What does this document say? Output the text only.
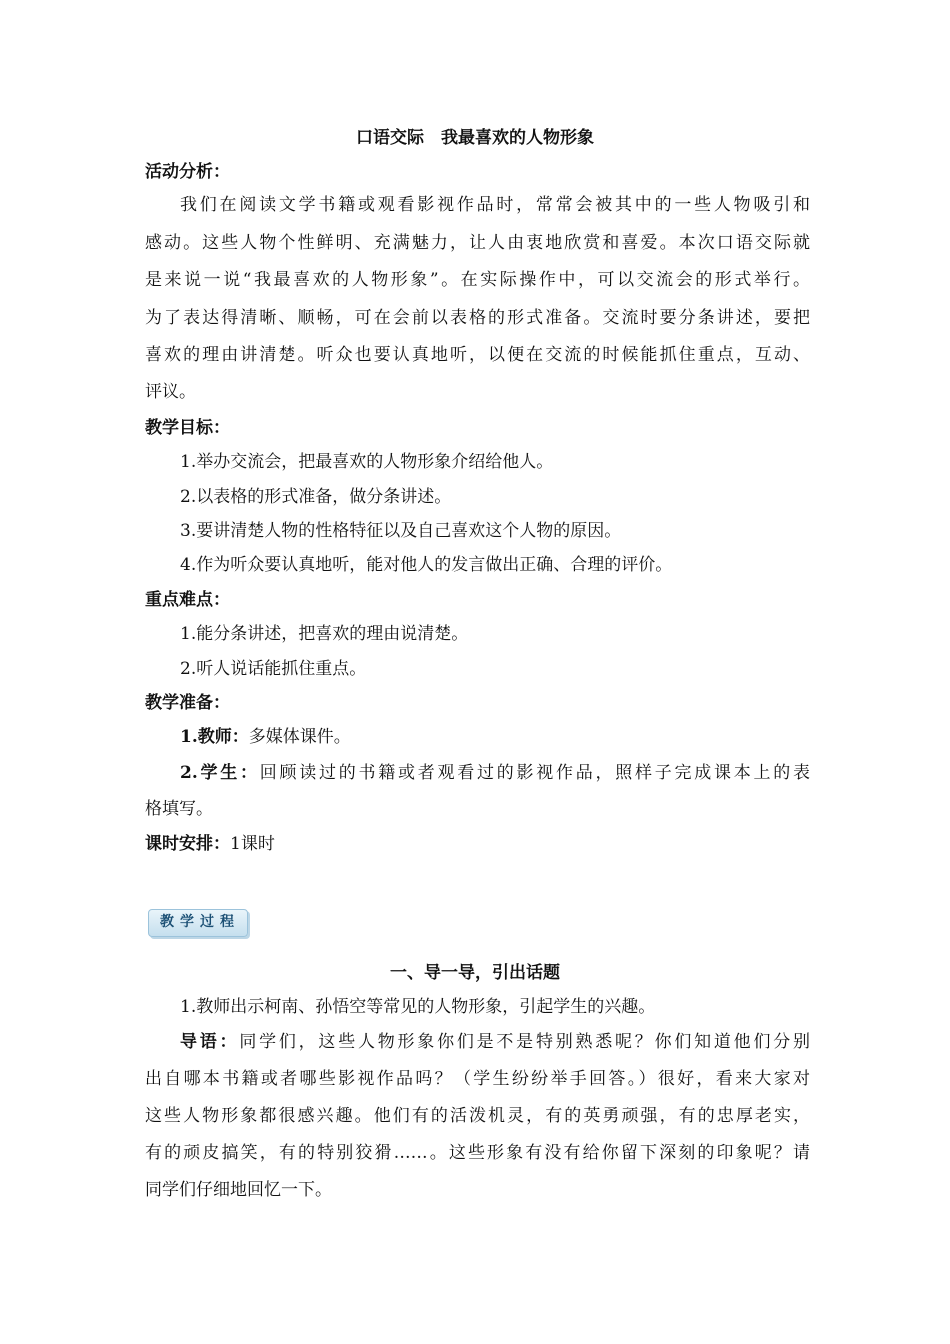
口语交际　我最喜欢的人物形象
活动分析：
我们在阅读文学书籍或观看影视作品时，常常会被其中的一些人物吸引和
感动。这些人物个性鲜明、充满魅力，让人由衷地欣赏和喜爱。本次口语交际就
是来说一说“我最喜欢的人物形象”。在实际操作中，可以交流会的形式举行。
为了表达得清晰、顺畅，可在会前以表格的形式准备。交流时要分条讲述，要把
喜欢的理由讲清楚。听众也要认真地听，以便在交流的时候能抓住重点，互动、
评议。
教学目标：
1.举办交流会，把最喜欢的人物形象介绍给他人。
2.以表格的形式准备，做分条讲述。
3.要讲清楚人物的性格特征以及自己喜欢这个人物的原因。
4.作为听众要认真地听，能对他人的发言做出正确、合理的评价。
重点难点：
1.能分条讲述，把喜欢的理由说清楚。
2.听人说话能抓住重点。
教学准备：
1.教师：多媒体课件。
2.学生：回顾读过的书籍或者观看过的影视作品，照样子完成课本上的表
格填写。
课时安排：1课时
教学过程
一、导一导，引出话题
1.教师出示柯南、孙悟空等常见的人物形象，引起学生的兴趣。
导语：同学们，这些人物形象你们是不是特别熟悉呢？你们知道他们分别
出自哪本书籍或者哪些影视作品吗？（学生纷纷举手回答。）很好，看来大家对
这些人物形象都很感兴趣。他们有的活泼机灵，有的英勇顽强，有的忠厚老实，
有的顽皮搞笑，有的特别狡猾……。这些形象有没有给你留下深刻的印象呢？请
同学们仔细地回忆一下。
